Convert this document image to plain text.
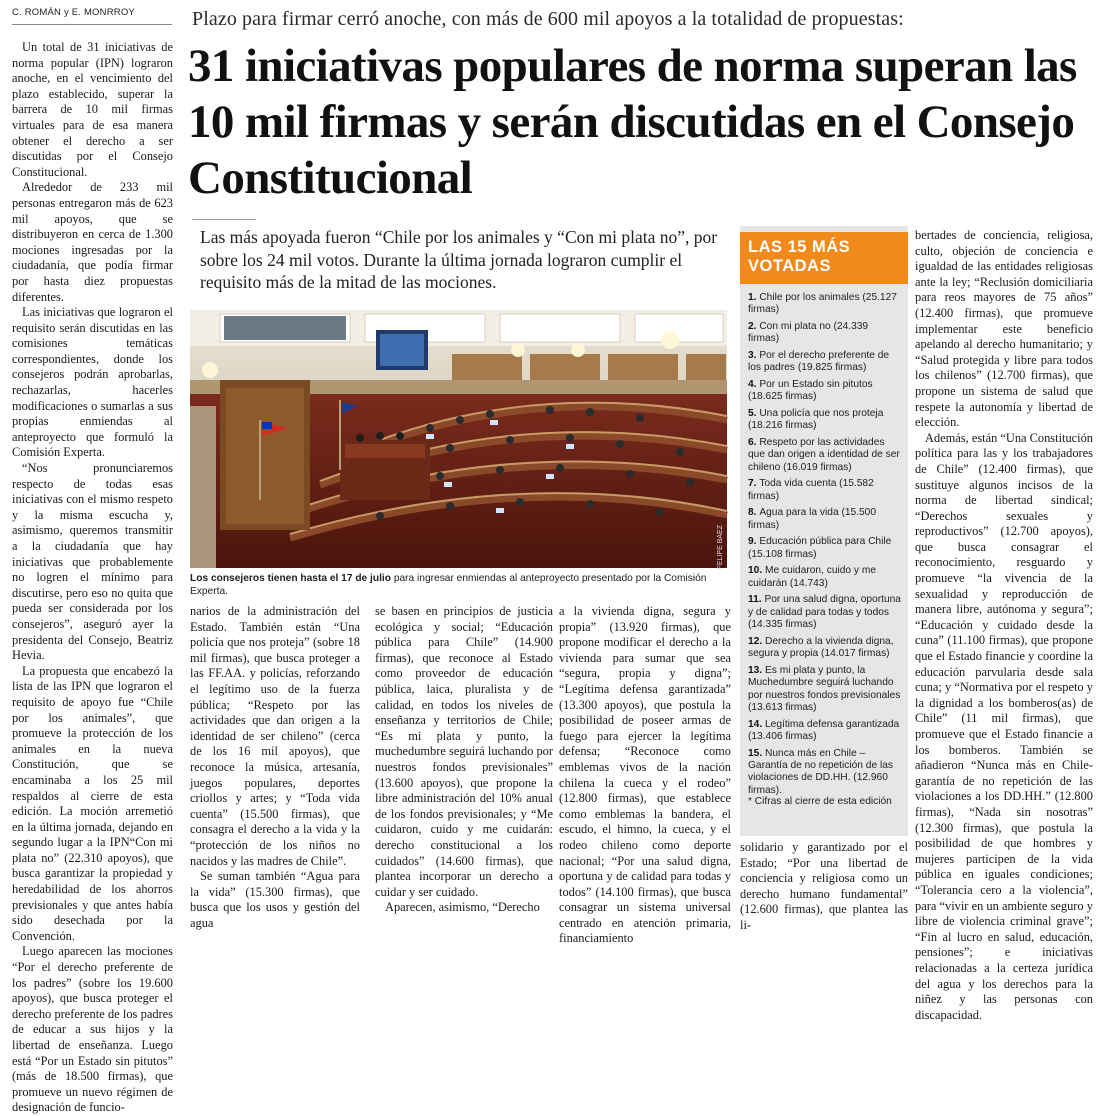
C. ROMÁN y E. MONRROY	Plazo para firmar cerró anoche, con más de 600 mil apoyos a la totalidad de propuestas:
31 iniciativas populares de norma superan las 10 mil firmas y serán discutidas en el Consejo Constitucional
Las más apoyada fueron “Chile por los animales y “Con mi plata no”, por sobre los 24 mil votos. Durante la última jornada lograron cumplir el requisito más de la mitad de las mociones.
FELIPE BAEZ
Los consejeros tienen hasta el 17 de julio para ingresar enmiendas al anteproyecto presentado por la Comisión Experta.
LAS 15 MÁS VOTADAS
1. Chile por los animales (25.127 firmas)
2. Con mi plata no (24.339 firmas)
3. Por el derecho preferente de los padres (19.825 firmas)
4. Por un Estado sin pitutos (18.625 firmas)
5. Una policía que nos proteja (18.216 firmas)
6. Respeto por las actividades que dan origen a identidad de ser chileno (16.019 firmas)
7. Toda vida cuenta (15.582 firmas)
8. Agua para la vida (15.500 firmas)
9. Educación pública para Chile (15.108 firmas)
10. Me cuidaron, cuido y me cuidarán (14.743)
11. Por una salud digna, oportuna y de calidad para todas y todos (14.335 firmas)
12. Derecho a la vivienda digna, segura y propia (14.017 firmas)
13. Es mi plata y punto, la Muchedumbre seguirá luchando por nuestros fondos previsionales (13.613 firmas)
14. Legítima defensa garantizada (13.406 firmas)
15. Nunca más en Chile – Garantía de no repetición de las violaciones de DD.HH. (12.960 firmas).
* Cifras al cierre de esta edición

Un total de 31 iniciativas de norma popular (IPN) lograron anoche, en el vencimiento del plazo establecido, superar la barrera de 10 mil firmas virtuales para de esa manera obtener el derecho a ser discutidas por el Consejo Constitucional.

Alrededor de 233 mil personas entregaron más de 623 mil apoyos, que se distribuyeron en cerca de 1.300 mociones ingresadas por la ciudadanía, que podía firmar por hasta diez propuestas diferentes.

Las iniciativas que lograron el requisito serán discutidas en las comisiones temáticas correspondientes, donde los consejeros podrán aprobarlas, rechazarlas, hacerles modificaciones o sumarlas a sus propias enmiendas al anteproyecto que formuló la Comisión Experta.

“Nos pronunciaremos respecto de todas esas iniciativas con el mismo respeto y la misma escucha y, asimismo, queremos transmitir a la ciudadanía que hay iniciativas que probablemente no logren el mínimo para discutirse, pero eso no quita que pueda ser considerada por los consejeros”, aseguró ayer la presidenta del Consejo, Beatriz Hevia.

La propuesta que encabezó la lista de las IPN que lograron el requisito de apoyo fue “Chile por los animales”, que promueve la protección de los animales en la nueva Constitución, que se encaminaba a los 25 mil respaldos al cierre de esta edición. La moción arremetió en la última jornada, dejando en segundo lugar a la IPN“Con mi plata no” (22.310 apoyos), que busca garantizar la propiedad y heredabilidad de los ahorros previsionales y que antes había sido desechada por la Convención.

Luego aparecen las mociones “Por el derecho preferente de los padres” (sobre los 19.600 apoyos), que busca proteger el derecho preferente de los padres de educar a sus hijos y la libertad de enseñanza. Luego está “Por un Estado sin pitutos” (más de 18.500 firmas), que promueve un nuevo régimen de designación de funcio-

narios de la administración del Estado. También están “Una policía que nos proteja” (sobre 18 mil firmas), que busca proteger a las FF.AA. y policías, reforzando el legítimo uso de la fuerza pública; “Respeto por las actividades que dan origen a la identidad de ser chileno” (cerca de los 16 mil apoyos), que reconoce la música, artesanía, juegos populares, deportes criollos y artes; y “Toda vida cuenta” (15.500 firmas), que consagra el derecho a la vida y la “protección de los niños no nacidos y las madres de Chile”.

Se suman también “Agua para la vida” (15.300 firmas), que busca que los usos y gestión del agua

se basen en principios de justicia ecológica y social; “Educación pública para Chile” (14.900 firmas), que reconoce al Estado como proveedor de educación pública, laica, pluralista y de calidad, en todos los niveles de enseñanza y territorios de Chile; “Es mi plata y punto, la muchedumbre seguirá luchando por nuestros fondos previsionales” (13.600 apoyos), que propone la libre administración del 10% anual de los fondos previsionales; y “Me cuidaron, cuido y me cuidarán: derecho constitucional a los cuidados” (14.600 firmas), que plantea incorporar un derecho a cuidar y ser cuidado.

Aparecen, asimismo, “Derecho

a la vivienda digna, segura y propia” (13.920 firmas), que propone modificar el derecho a la vivienda para sumar que sea “segura, propia y digna”; “Legítima defensa garantizada” (13.300 apoyos), que postula la posibilidad de poseer armas de fuego para ejercer la legítima defensa; “Reconoce como emblemas vivos de la nación chilena la cueca y el rodeo” (12.800 firmas), que establece como emblemas la bandera, el escudo, el himno, la cueca, y el rodeo chileno como deporte nacional; “Por una salud digna, oportuna y de calidad para todas y todos” (14.100 firmas), que busca consagrar un sistema universal centrado en atención primaria, financiamiento

solidario y garantizado por el Estado; “Por una libertad de conciencia y religiosa como un derecho humano fundamental” (12.600 firmas), que plantea las li-

bertades de conciencia, religiosa, culto, objeción de conciencia e igualdad de las entidades religiosas ante la ley; “Reclusión domiciliaria para reos mayores de 75 años” (12.400 firmas), que promueve implementar este beneficio apelando al derecho humanitario; y “Salud protegida y libre para todos los chilenos” (12.700 firmas), que propone un sistema de salud que respete la autonomía y libertad de elección.

Además, están “Una Constitución política para las y los trabajadores de Chile” (12.400 firmas), que sustituye algunos incisos de la norma de libertad sindical; “Derechos sexuales y reproductivos” (12.700 apoyos), que busca consagrar el reconocimiento, resguardo y promueve “la vivencia de la sexualidad y reproducción de manera libre, autónoma y segura”; “Educación y cuidado desde la cuna” (11.100 firmas), que propone que el Estado financie y coordine la educación parvularia desde sala cuna; y “Normativa por el respeto y la dignidad a los bomberos(as) de Chile” (11 mil firmas), que promueve que el Estado financie a los bomberos. También se añadieron “Nunca más en Chile- garantía de no repetición de las violaciones a los DD.HH.” (12.800 firmas), “Nada sin nosotras” (12.300 firmas), que postula la posibilidad de que hombres y mujeres participen de la vida pública en iguales condiciones; “Tolerancia cero a la violencia”, para “vivir en un ambiente seguro y libre de violencia criminal grave”; “Fin al lucro en salud, educación, pensiones”; e iniciativas relacionadas a la certeza jurídica del agua y los derechos para la niñez y las personas con discapacidad.
